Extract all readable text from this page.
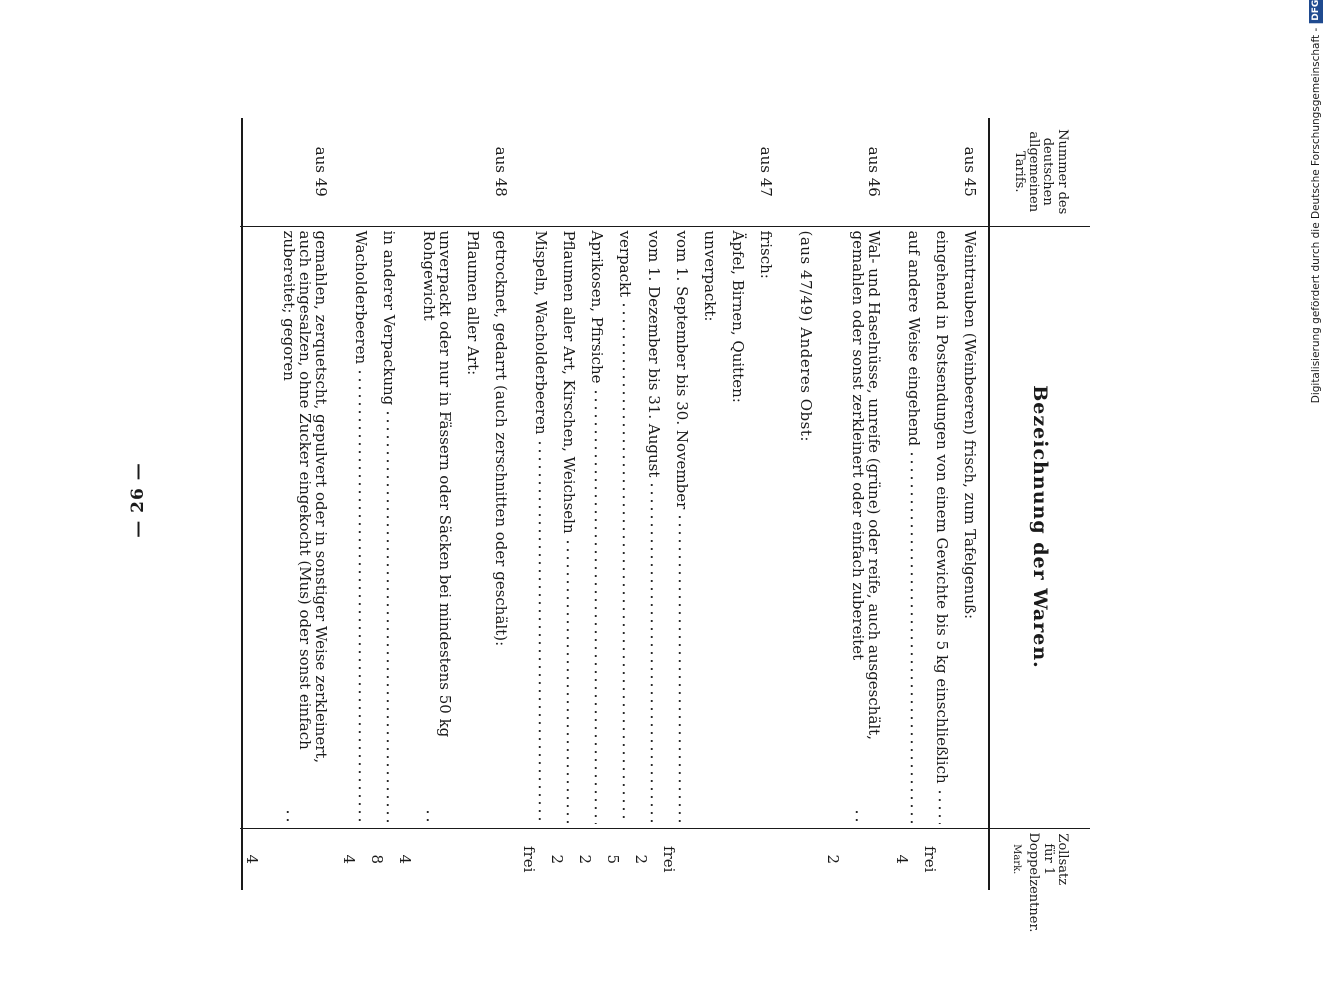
— 26 —
Digitalisierung gefördert durch die Deutsche Forschungsgemeinschaft -
DFG
Nummer des deutschen allgemeinen Tarifs.	Bezeichnung der Waren.	Zollsatz für 1 Doppelzentner.
Mark.

aus 45	Weintrauben (Weinbeeren) frisch, zum Tafelgenuß:	

	eingehend in Postsendungen von einem Gewichte bis 5 kg einschließlich	frei

	auf andere Weise eingehend	4

aus 46	Wal- und Haselnüsse, unreife (grüne) oder reife, auch ausgeschält, gemahlen oder sonst zerkleinert oder einfach zubereitet	2

	(aus 47/49) Anderes Obst:	

aus 47	frisch:	
	Äpfel, Birnen, Quitten:	
	unverpackt:	

	vom 1. September bis 30. November	frei

	vom 1. Dezember bis 31. August	2

	verpackt	5

	Aprikosen, Pfirsiche	2

	Pflaumen aller Art, Kirschen, Weichseln	2

	Mispeln, Wacholderbeeren	frei

aus 48	getrocknet, gedarrt (auch zerschnitten oder geschält):	
	Pflaumen aller Art:	

	unverpackt oder nur in Fässern oder Säcken bei mindestens 50 kg Rohgewicht	4

	in anderer Verpackung	8

	Wacholderbeeren	4

aus 49	gemahlen, zerquetscht, gepulvert oder in sonstiger Weise zerkleinert, auch eingesalzen, ohne Zucker eingekocht (Mus) oder sonst einfach zubereitet; gegoren	4
